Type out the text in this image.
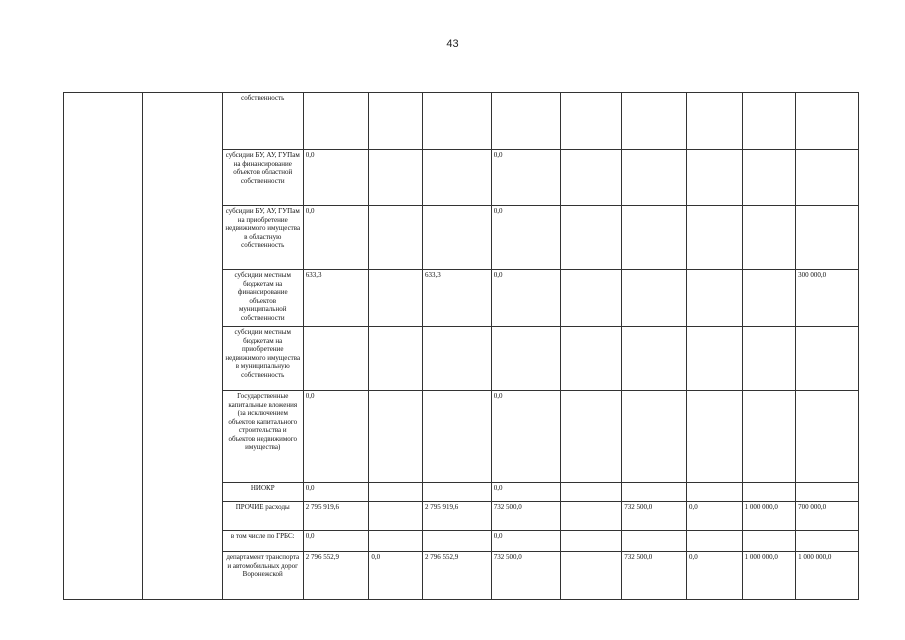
43
		собственность									
		субсидии БУ, АУ, ГУПам на финансирование объектов областной собственности	0,0			0,0					
		субсидии БУ, АУ, ГУПам на приобретение недвижимого имущества в областную собственность	0,0			0,0					
		субсидии местным бюджетам на финансирование объектов муниципальной собственности	633,3		633,3	0,0					300 000,0
		субсидии местным бюджетам на приобретение недвижимого имущества в муниципальную собственность									
		Государственные капитальные вложения (за исключением объектов капитального строительства и объектов недвижимого имущества)	0,0			0,0					
		НИОКР	0,0			0,0					
		ПРОЧИЕ расходы	2 795 919,6		2 795 919,6	732 500,0		732 500,0	0,0	1 000 000,0	700 000,0
		в том числе по ГРБС:	0,0			0,0					
		департамент транспорта и автомобильных дорог Воронежской	2 796 552,9	0,0	2 796 552,9	732 500,0		732 500,0	0,0	1 000 000,0	1 000 000,0
